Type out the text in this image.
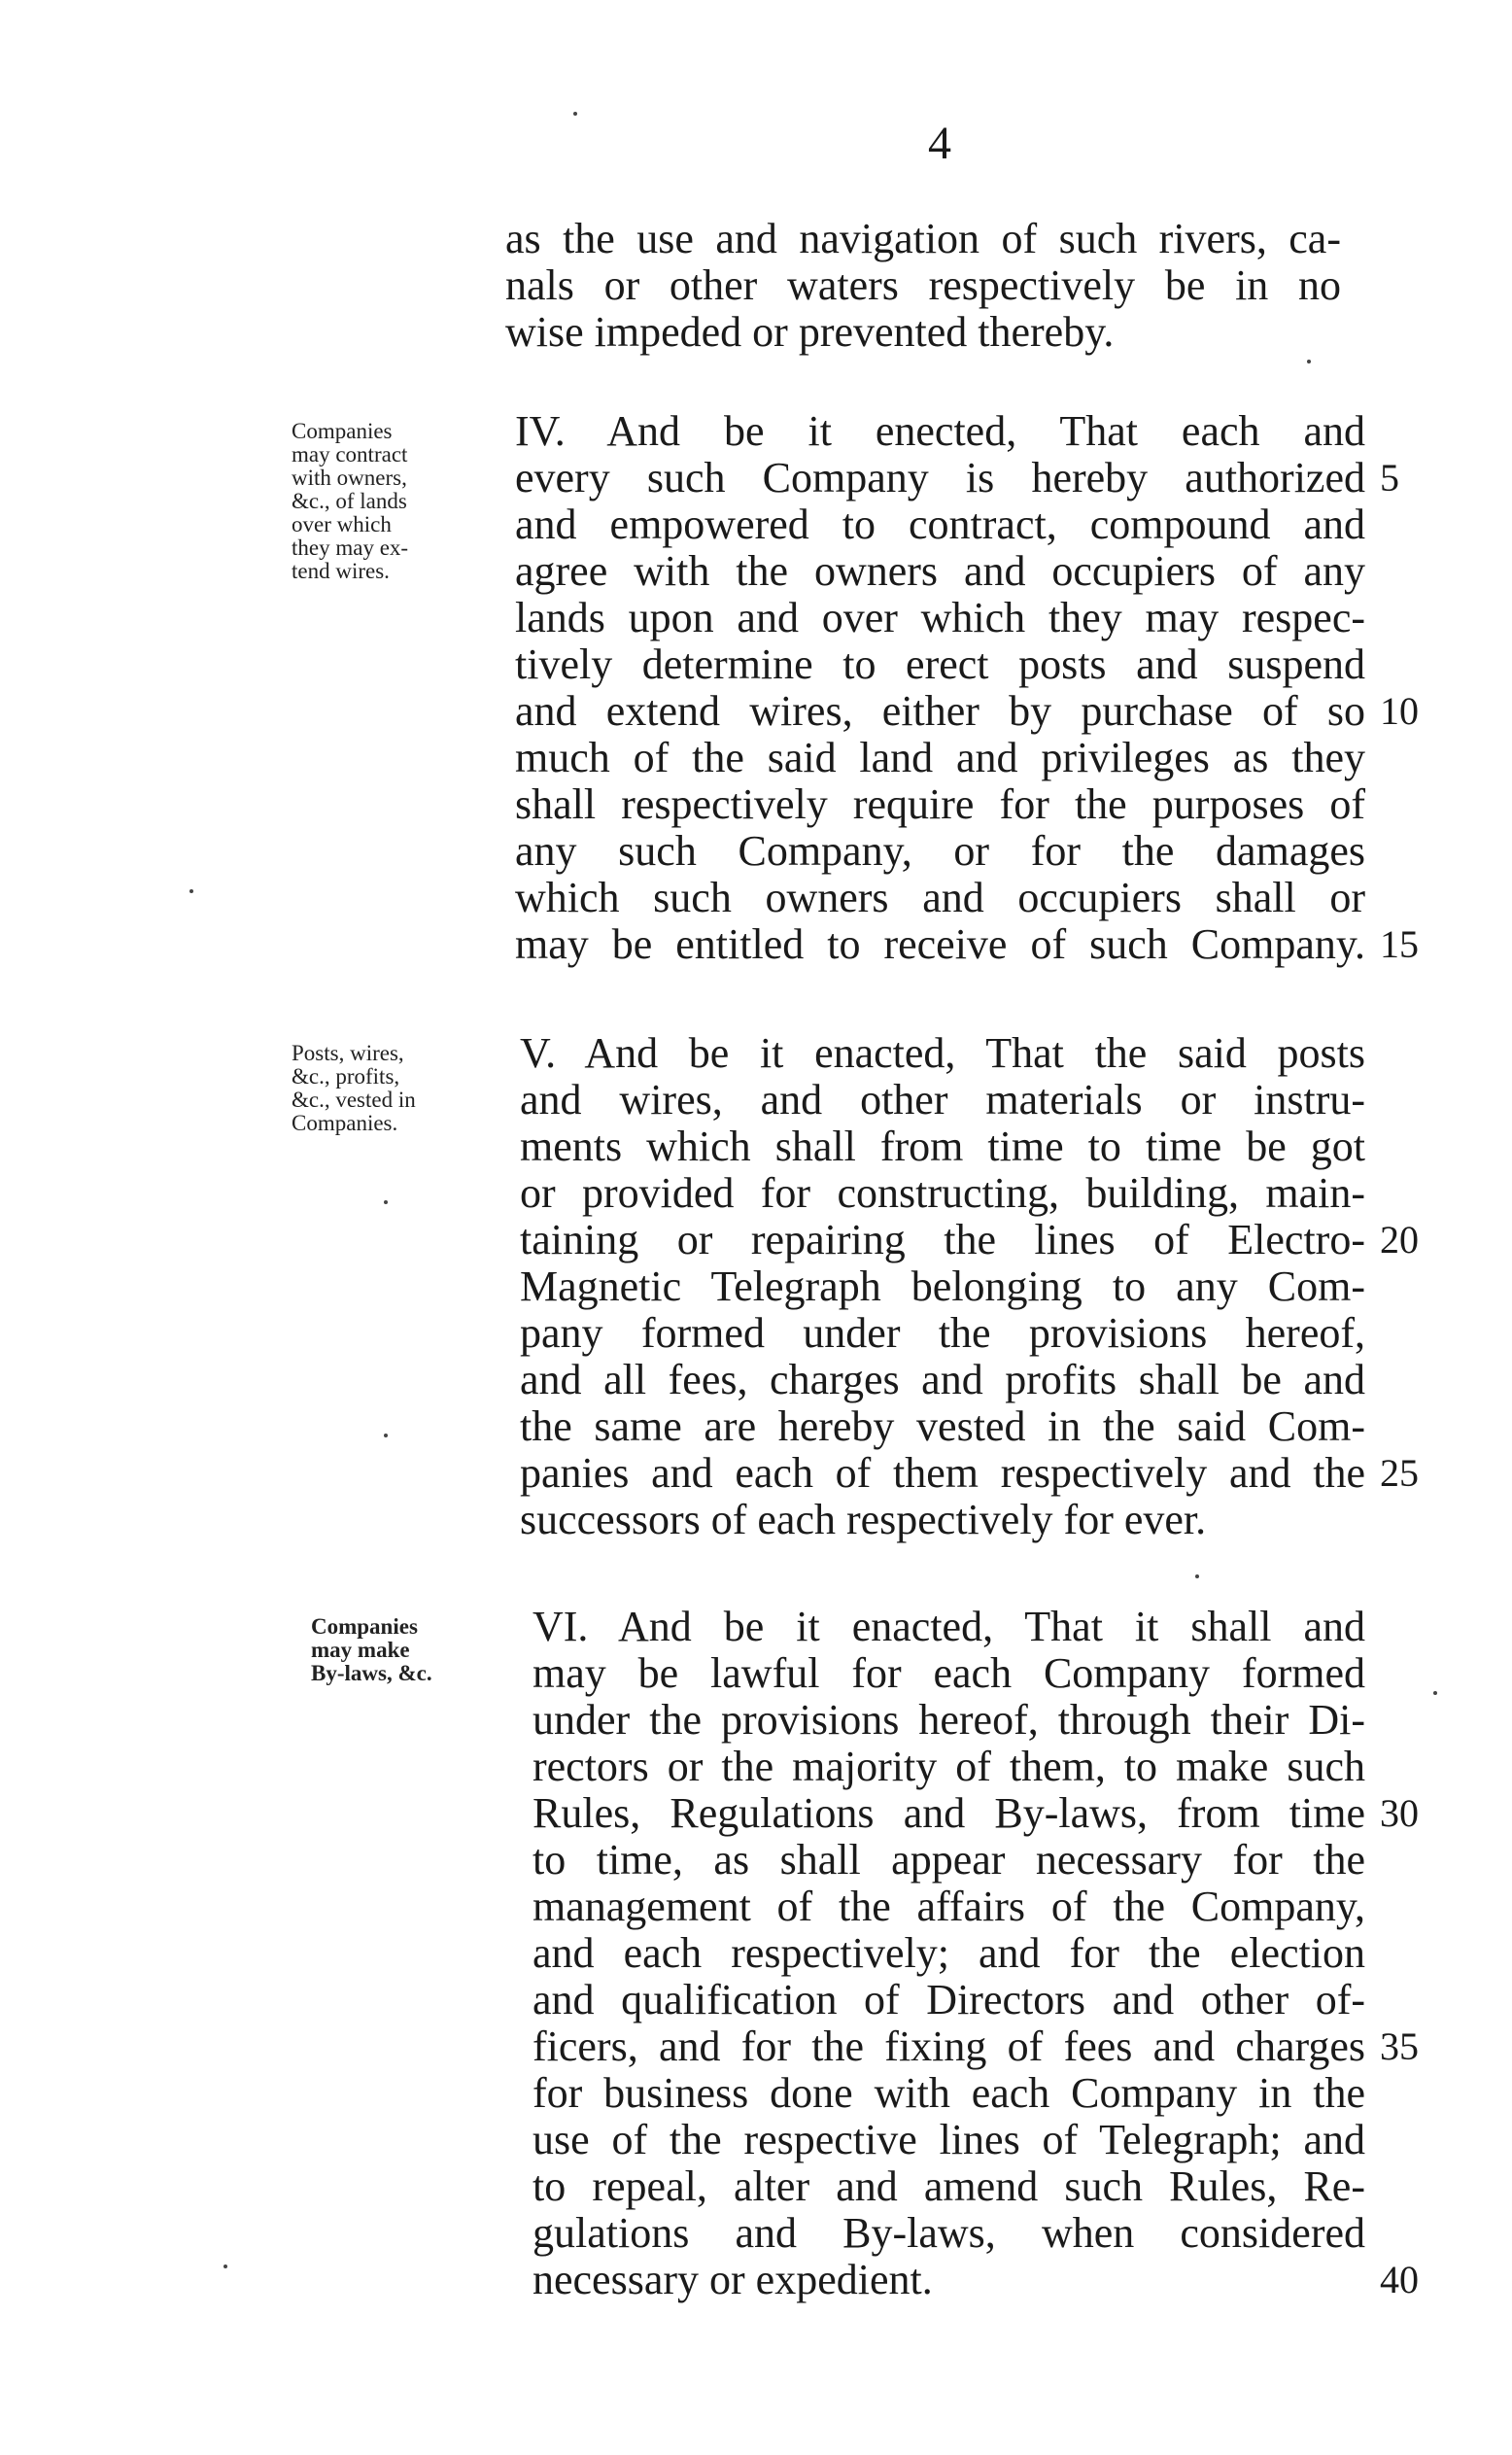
4
as the use and navigation of such rivers, ca-
nals or other waters respectively be in no
wise impeded or prevented thereby.
Companies
may contract
with owners,
&c., of lands
over which
they may ex-
tend wires.
IV. And be it enected, That each and
every such Company is hereby authorized
and empowered to contract, compound and
agree with the owners and occupiers of any
lands upon and over which they may respec-
tively determine to erect posts and suspend
and extend wires, either by purchase of so
much of the said land and privileges as they
shall respectively require for the purposes of
any such Company, or for the damages
which such owners and occupiers shall or
may be entitled to receive of such Company.
Posts, wires,
&c., profits,
&c., vested in
Companies.
V. And be it enacted, That the said posts
and wires, and other materials or instru-
ments which shall from time to time be got
or provided for constructing, building, main-
taining or repairing the lines of Electro-
Magnetic Telegraph belonging to any Com-
pany formed under the provisions hereof,
and all fees, charges and profits shall be and
the same are hereby vested in the said Com-
panies and each of them respectively and the
successors of each respectively for ever.
Companies
may make
By-laws, &c.
VI. And be it enacted, That it shall and
may be lawful for each Company formed
under the provisions hereof, through their Di-
rectors or the majority of them, to make such
Rules, Regulations and By-laws, from time
to time, as shall appear necessary for the
management of the affairs of the Company,
and each respectively; and for the election
and qualification of Directors and other of-
ficers, and for the fixing of fees and charges
for business done with each Company in the
use of the respective lines of Telegraph; and
to repeal, alter and amend such Rules, Re-
gulations and By-laws, when considered
necessary or expedient.
5
10
15
20
25
30
35
40
